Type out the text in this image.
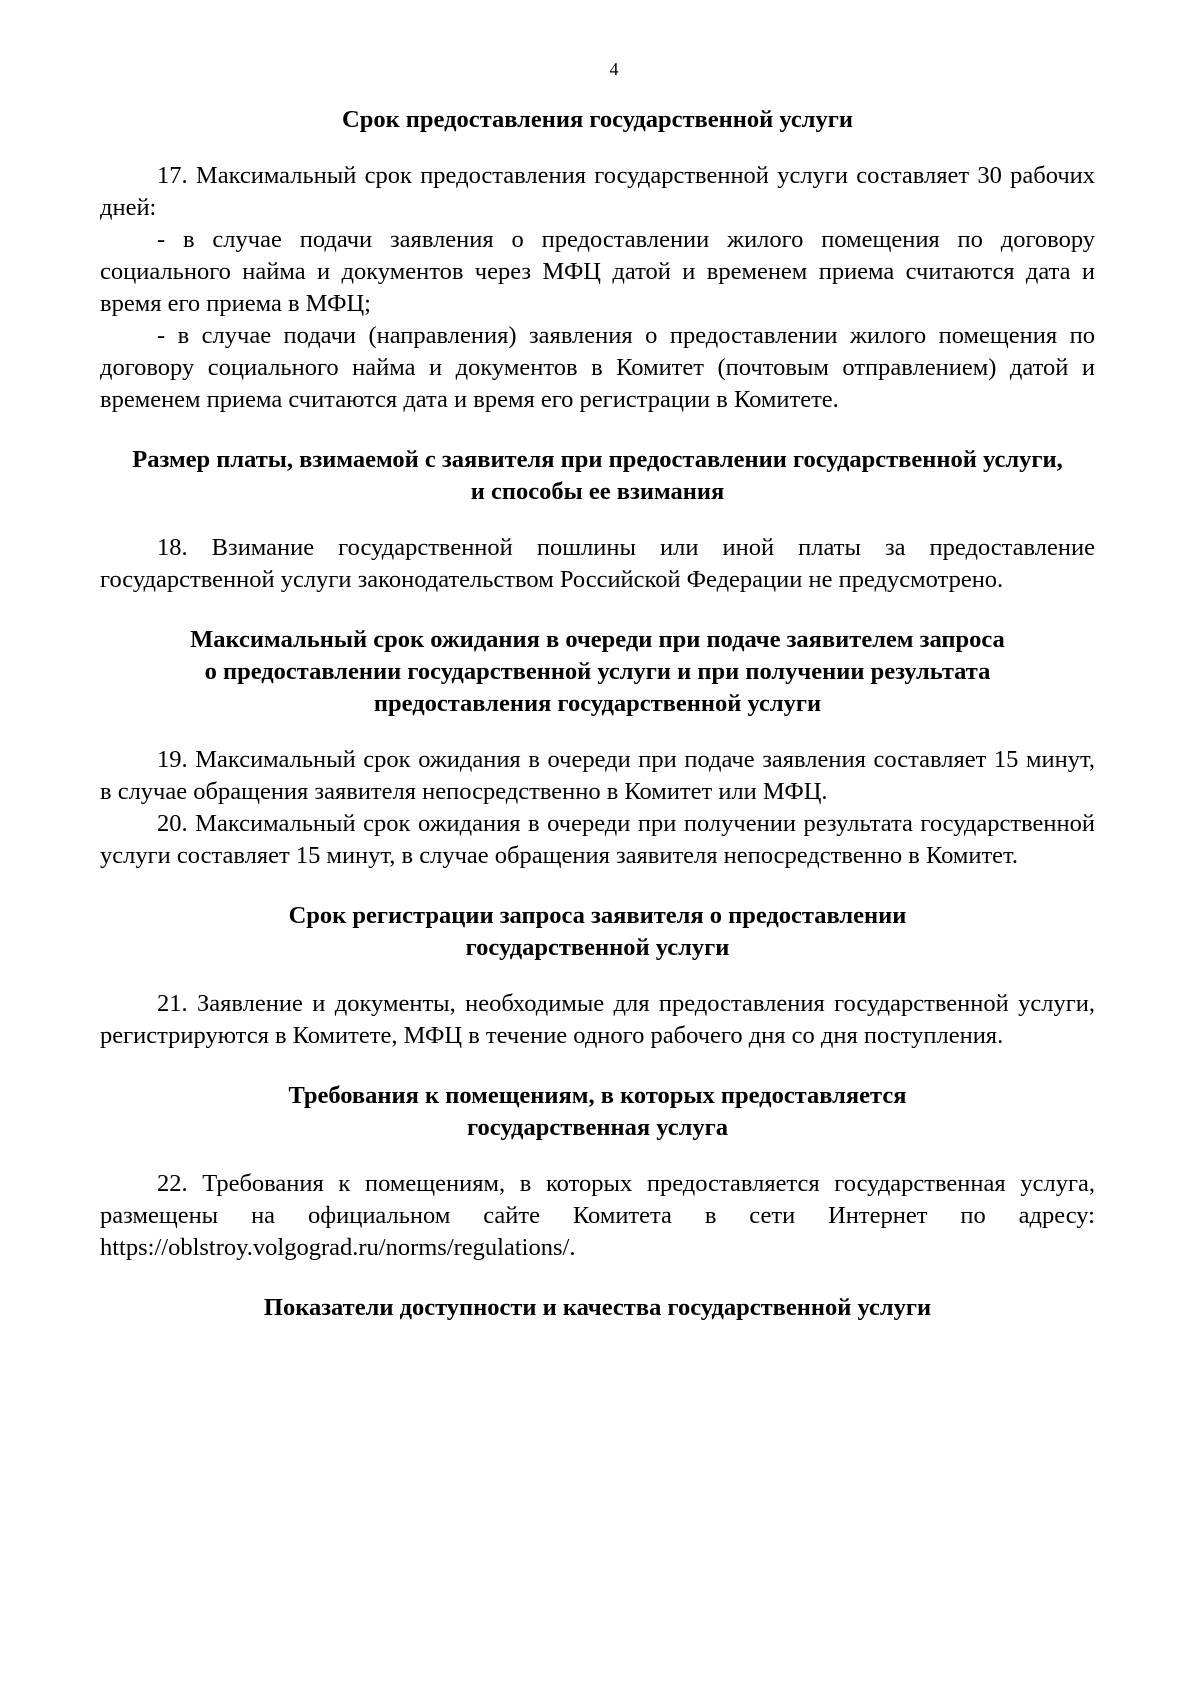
4
Срок предоставления государственной услуги

17. Максимальный срок предоставления государственной услуги составляет 30 рабочих дней:

- в случае подачи заявления о предоставлении жилого помещения по договору социального найма и документов через МФЦ датой и временем приема считаются дата и время его приема в МФЦ;

- в случае подачи (направления) заявления о предоставлении жилого помещения по договору социального найма и документов в Комитет (почтовым отправлением) датой и временем приема считаются дата и время его регистрации в Комитете.

Размер платы, взимаемой с заявителя при предоставлении государственной услуги,
и способы ее взимания

18. Взимание государственной пошлины или иной платы за предоставление государственной услуги законодательством Российской Федерации не предусмотрено.

Максимальный срок ожидания в очереди при подаче заявителем запроса
о предоставлении государственной услуги и при получении результата
предоставления государственной услуги

19. Максимальный срок ожидания в очереди при подаче заявления составляет 15 минут, в случае обращения заявителя непосредственно в Комитет или МФЦ.

20. Максимальный срок ожидания в очереди при получении результата государственной услуги составляет 15 минут, в случае обращения заявителя непосредственно в Комитет.

Срок регистрации запроса заявителя о предоставлении
государственной услуги

21. Заявление и документы, необходимые для предоставления государственной услуги, регистрируются в Комитете, МФЦ в течение одного рабочего дня со дня поступления.

Требования к помещениям, в которых предоставляется
государственная услуга

22. Требования к помещениям, в которых предоставляется государственная услуга, размещены на официальном сайте Комитета в сети Интернет по адресу: https://oblstroy.volgograd.ru/norms/regulations/.

Показатели доступности и качества государственной услуги
